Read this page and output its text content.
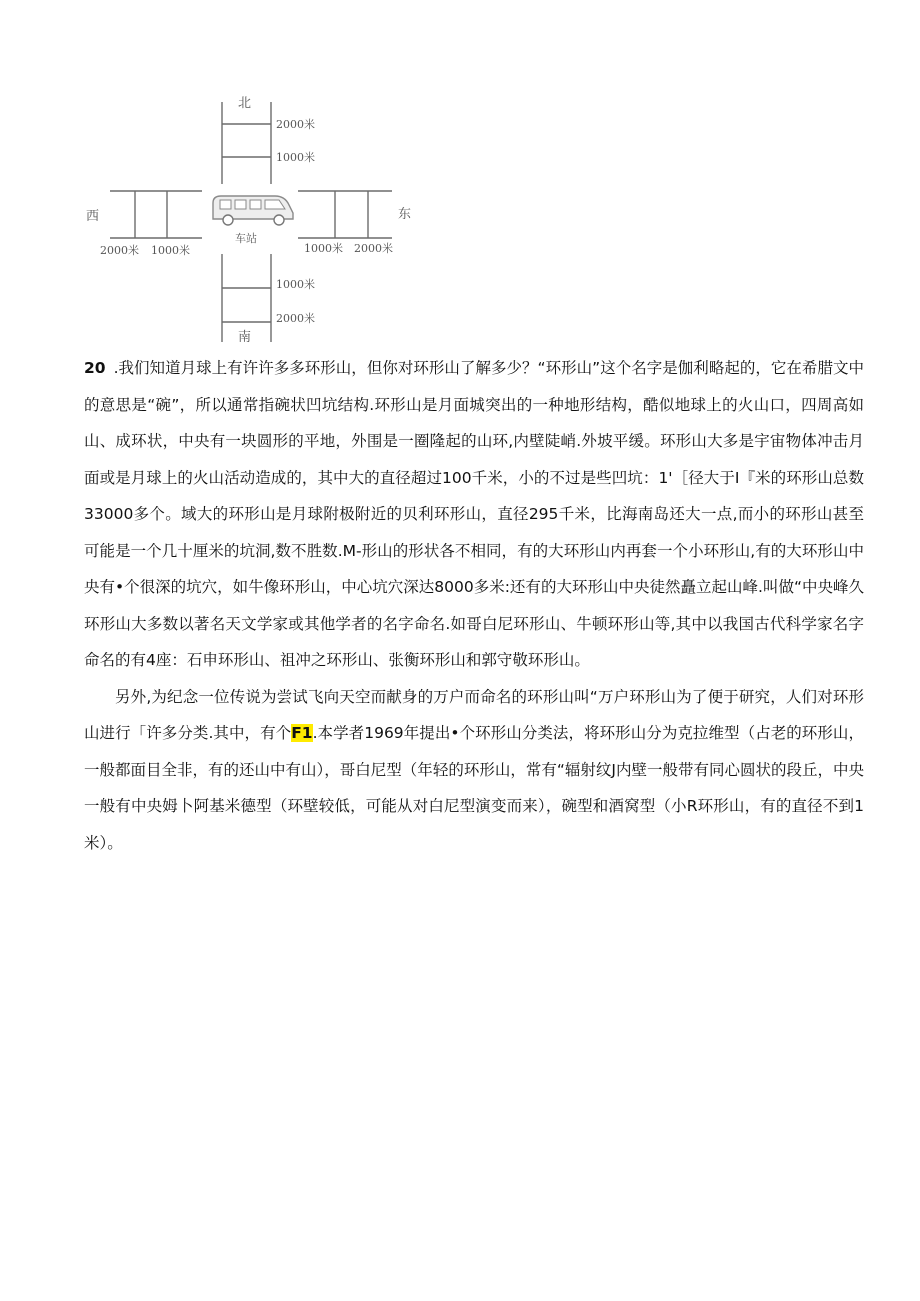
北
2000米
1000米
西
2000米 1000米
车站
东
1000米 2000米
1000米
2000米
南

20 .我们知道月球上有许许多多环形山，但你对环形山了解多少？“环形山”这个名字是伽利略起的，它在希腊文中的意思是“碗”，所以通常指碗状凹坑结构.环形山是月面城突出的一种地形结构，酷似地球上的火山口，四周高如山、成环状，中央有一块圆形的平地，外围是一圈隆起的山环,内壁陡峭.外坡平缓。环形山大多是宇宙物体冲击月面或是月球上的火山活动造成的，其中大的直径超过100千米，小的不过是些凹坑：1'［径大于I『米的环形山总数33000多个。域大的环形山是月球附极附近的贝利环形山，直径295千米，比海南岛还大一点,而小的环形山甚至可能是一个几十厘米的坑洞,数不胜数.M-形山的形状各不相同，有的大环形山内再套一个小环形山,有的大环形山中央有•个很深的坑穴，如牛像环形山，中心坑穴深达8000多米:还有的大环形山中央徒然矗立起山峰.叫做“中央峰久环形山大多数以著名天文学家或其他学者的名字命名.如哥白尼环形山、牛顿环形山等,其中以我国古代科学家名字命名的有4座：石申环形山、祖冲之环形山、张衡环形山和郭守敬环形山。

另外,为纪念一位传说为尝试飞向天空而献身的万户而命名的环形山叫“万户环形山为了便于研究，人们对环形山进行「许多分类.其中，有个F1.本学者1969年提出•个环形山分类法，将环形山分为克拉维型（占老的环形山，一般都面目全非，有的还山中有山），哥白尼型（年轻的环形山，常有“辐射纹J内壁一般带有同心圆状的段丘，中央一般有中央姆卜阿基米德型（环壁较低，可能从对白尼型演变而来），碗型和酒窝型（小R环形山，有的直径不到1米）。
